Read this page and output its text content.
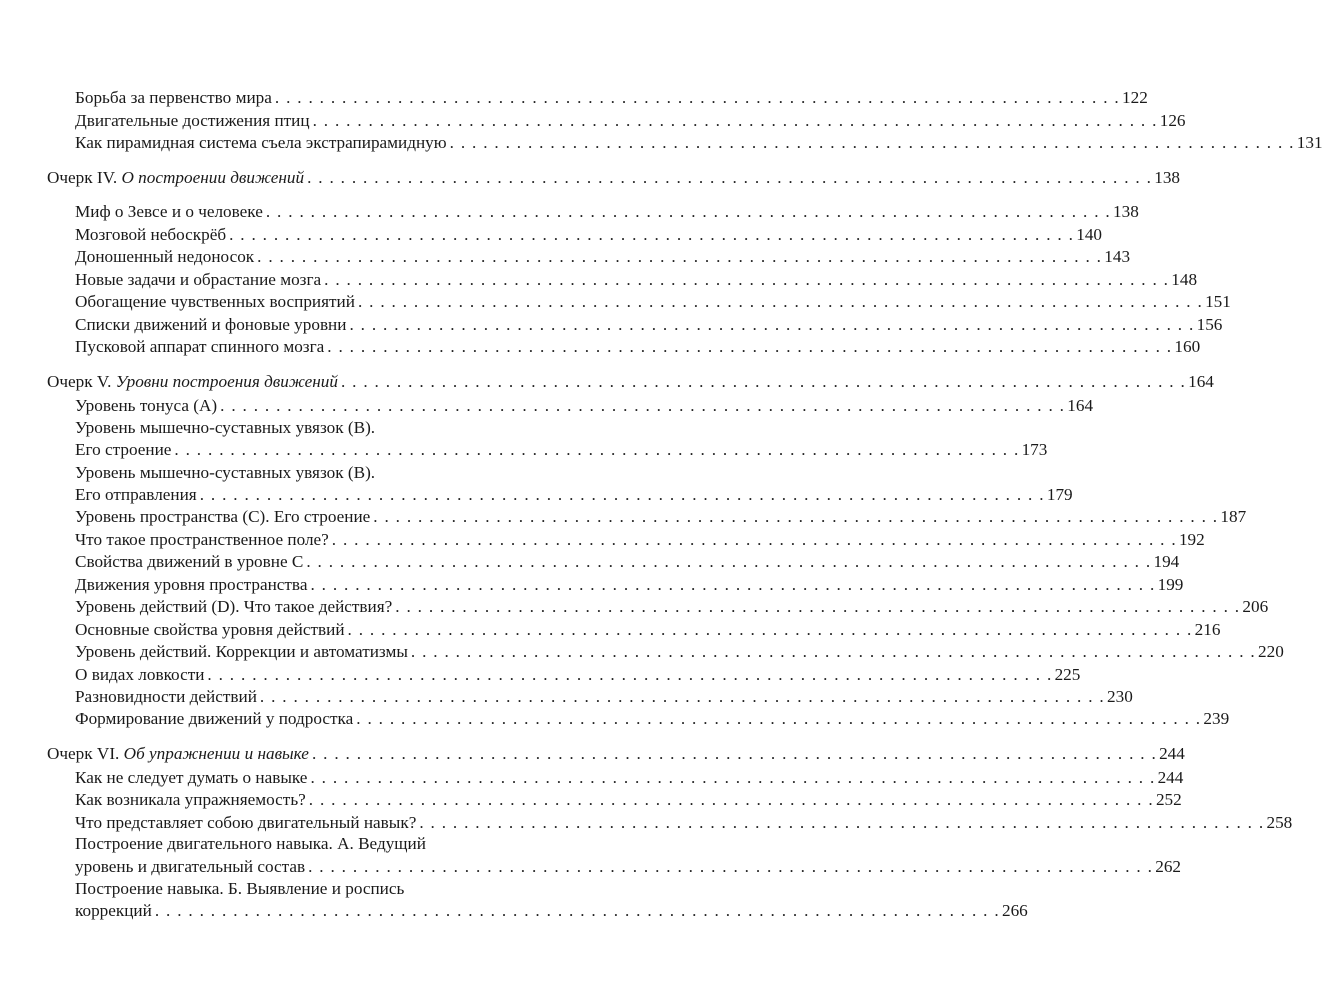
Борьба за первенство мира . . . . . . . . . . . . . . . . . . . . . . . . . . . . . . . . . . . . . . . . . . . . . . . . . . . . . . . . . . . . . . . . . . . . . . . . . . . . 122
Двигательные достижения птиц . . . . . . . . . . . . . . . . . . . . . . . . . . . . . . . . . . . . . . . . . . . . . . . . . . . . . . . . . . . . . . . . . . . . . . . . . . . . 126
Как пирамидная система съела экстрапирамидную . . . . . . . . . . . . . . . . . . . . . . . . . . . . . . . . . . . . . . . . . . . . . . . . . . . . . . . . . . . . . . . . . . . . . . . . . . . . 131
Очерк IV. О построении движений . . . . . . . . . . . . . . . . . . . . . . . . . . . . . . . . . . . . . . . . . . . . . . . . . . . . . . . . . . . . . . . . . . . . . . . . . . . . 138
Миф о Зевсе и о человеке . . . . . . . . . . . . . . . . . . . . . . . . . . . . . . . . . . . . . . . . . . . . . . . . . . . . . . . . . . . . . . . . . . . . . . . . . . . . 138
Мозговой небоскрёб . . . . . . . . . . . . . . . . . . . . . . . . . . . . . . . . . . . . . . . . . . . . . . . . . . . . . . . . . . . . . . . . . . . . . . . . . . . . 140
Доношенный недоносок . . . . . . . . . . . . . . . . . . . . . . . . . . . . . . . . . . . . . . . . . . . . . . . . . . . . . . . . . . . . . . . . . . . . . . . . . . . . 143
Новые задачи и обрастание мозга . . . . . . . . . . . . . . . . . . . . . . . . . . . . . . . . . . . . . . . . . . . . . . . . . . . . . . . . . . . . . . . . . . . . . . . . . . . . 148
Обогащение чувственных восприятий . . . . . . . . . . . . . . . . . . . . . . . . . . . . . . . . . . . . . . . . . . . . . . . . . . . . . . . . . . . . . . . . . . . . . . . . . . . . 151
Списки движений и фоновые уровни . . . . . . . . . . . . . . . . . . . . . . . . . . . . . . . . . . . . . . . . . . . . . . . . . . . . . . . . . . . . . . . . . . . . . . . . . . . . 156
Пусковой аппарат спинного мозга . . . . . . . . . . . . . . . . . . . . . . . . . . . . . . . . . . . . . . . . . . . . . . . . . . . . . . . . . . . . . . . . . . . . . . . . . . . . 160
Очерк V. Уровни построения движений . . . . . . . . . . . . . . . . . . . . . . . . . . . . . . . . . . . . . . . . . . . . . . . . . . . . . . . . . . . . . . . . . . . . . . . . . . . . 164
Уровень тонуса (А) . . . . . . . . . . . . . . . . . . . . . . . . . . . . . . . . . . . . . . . . . . . . . . . . . . . . . . . . . . . . . . . . . . . . . . . . . . . . 164
Уровень мышечно-суставных увязок (В).
Его строение . . . . . . . . . . . . . . . . . . . . . . . . . . . . . . . . . . . . . . . . . . . . . . . . . . . . . . . . . . . . . . . . . . . . . . . . . . . . 173
Уровень мышечно-суставных увязок (В).
Его отправления . . . . . . . . . . . . . . . . . . . . . . . . . . . . . . . . . . . . . . . . . . . . . . . . . . . . . . . . . . . . . . . . . . . . . . . . . . . . 179
Уровень пространства (С). Его строение . . . . . . . . . . . . . . . . . . . . . . . . . . . . . . . . . . . . . . . . . . . . . . . . . . . . . . . . . . . . . . . . . . . . . . . . . . . . 187
Что такое пространственное поле? . . . . . . . . . . . . . . . . . . . . . . . . . . . . . . . . . . . . . . . . . . . . . . . . . . . . . . . . . . . . . . . . . . . . . . . . . . . . 192
Свойства движений в уровне С . . . . . . . . . . . . . . . . . . . . . . . . . . . . . . . . . . . . . . . . . . . . . . . . . . . . . . . . . . . . . . . . . . . . . . . . . . . . 194
Движения уровня пространства . . . . . . . . . . . . . . . . . . . . . . . . . . . . . . . . . . . . . . . . . . . . . . . . . . . . . . . . . . . . . . . . . . . . . . . . . . . . 199
Уровень действий (D). Что такое действия? . . . . . . . . . . . . . . . . . . . . . . . . . . . . . . . . . . . . . . . . . . . . . . . . . . . . . . . . . . . . . . . . . . . . . . . . . . . . 206
Основные свойства уровня действий . . . . . . . . . . . . . . . . . . . . . . . . . . . . . . . . . . . . . . . . . . . . . . . . . . . . . . . . . . . . . . . . . . . . . . . . . . . . 216
Уровень действий. Коррекции и автоматизмы . . . . . . . . . . . . . . . . . . . . . . . . . . . . . . . . . . . . . . . . . . . . . . . . . . . . . . . . . . . . . . . . . . . . . . . . . . . . 220
О видах ловкости . . . . . . . . . . . . . . . . . . . . . . . . . . . . . . . . . . . . . . . . . . . . . . . . . . . . . . . . . . . . . . . . . . . . . . . . . . . . 225
Разновидности действий . . . . . . . . . . . . . . . . . . . . . . . . . . . . . . . . . . . . . . . . . . . . . . . . . . . . . . . . . . . . . . . . . . . . . . . . . . . . 230
Формирование движений у подростка . . . . . . . . . . . . . . . . . . . . . . . . . . . . . . . . . . . . . . . . . . . . . . . . . . . . . . . . . . . . . . . . . . . . . . . . . . . . 239
Очерк VI. Об упражнении и навыке . . . . . . . . . . . . . . . . . . . . . . . . . . . . . . . . . . . . . . . . . . . . . . . . . . . . . . . . . . . . . . . . . . . . . . . . . . . . 244
Как не следует думать о навыке . . . . . . . . . . . . . . . . . . . . . . . . . . . . . . . . . . . . . . . . . . . . . . . . . . . . . . . . . . . . . . . . . . . . . . . . . . . . 244
Как возникала упражняемость? . . . . . . . . . . . . . . . . . . . . . . . . . . . . . . . . . . . . . . . . . . . . . . . . . . . . . . . . . . . . . . . . . . . . . . . . . . . . 252
Что представляет собою двигательный навык? . . . . . . . . . . . . . . . . . . . . . . . . . . . . . . . . . . . . . . . . . . . . . . . . . . . . . . . . . . . . . . . . . . . . . . . . . . . . 258
Построение двигательного навыка. А. Ведущий
уровень и двигательный состав . . . . . . . . . . . . . . . . . . . . . . . . . . . . . . . . . . . . . . . . . . . . . . . . . . . . . . . . . . . . . . . . . . . . . . . . . . . . 262
Построение навыка. Б. Выявление и роспись
коррекций . . . . . . . . . . . . . . . . . . . . . . . . . . . . . . . . . . . . . . . . . . . . . . . . . . . . . . . . . . . . . . . . . . . . . . . . . . . . 266
